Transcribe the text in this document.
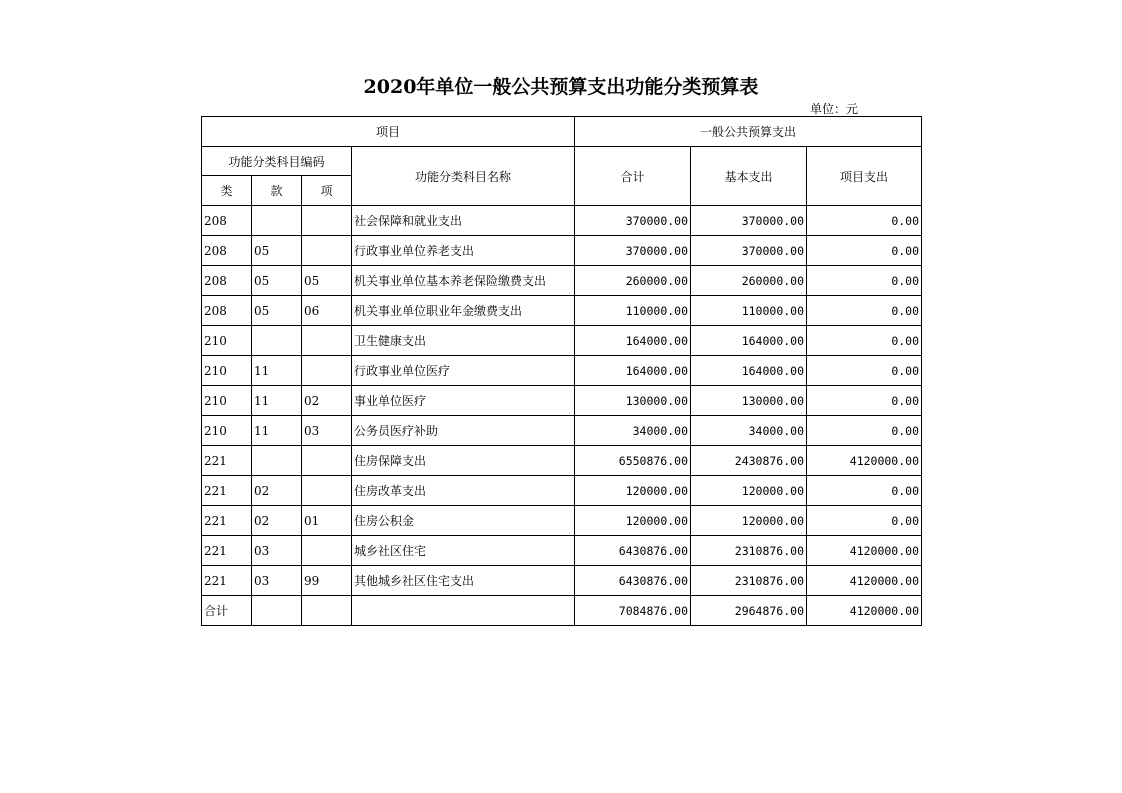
2020年单位一般公共预算支出功能分类预算表
单位：元
项目				一般公共预算支出		
功能分类科目编码			功能分类科目名称	合计	基本支出	项目支出
类	款	项				
208			社会保障和就业支出	370000.00	370000.00	0.00
208	05		行政事业单位养老支出	370000.00	370000.00	0.00
208	05	05	机关事业单位基本养老保险缴费支出	260000.00	260000.00	0.00
208	05	06	机关事业单位职业年金缴费支出	110000.00	110000.00	0.00
210			卫生健康支出	164000.00	164000.00	0.00
210	11		行政事业单位医疗	164000.00	164000.00	0.00
210	11	02	事业单位医疗	130000.00	130000.00	0.00
210	11	03	公务员医疗补助	34000.00	34000.00	0.00
221			住房保障支出	6550876.00	2430876.00	4120000.00
221	02		住房改革支出	120000.00	120000.00	0.00
221	02	01	住房公积金	120000.00	120000.00	0.00
221	03		城乡社区住宅	6430876.00	2310876.00	4120000.00
221	03	99	其他城乡社区住宅支出	6430876.00	2310876.00	4120000.00
合计				7084876.00	2964876.00	4120000.00
